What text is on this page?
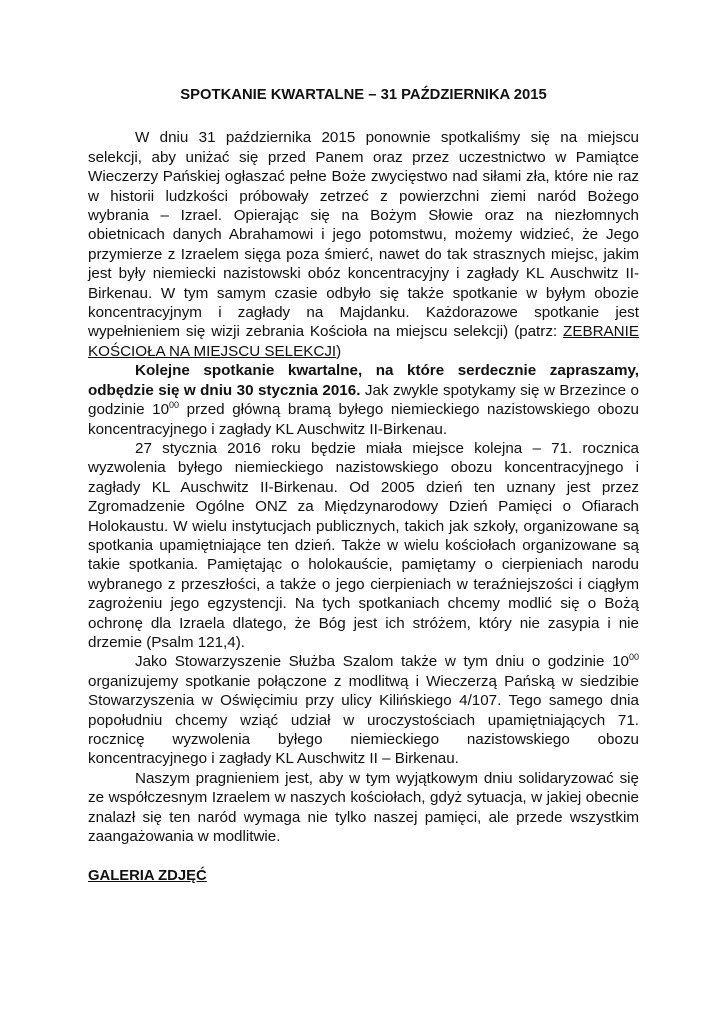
SPOTKANIE KWARTALNE – 31 PAŹDZIERNIKA 2015

W dniu 31 października 2015 ponownie spotkaliśmy się na miejscu selekcji, aby uniżać się przed Panem oraz przez uczestnictwo w Pamiątce Wieczerzy Pańskiej ogłaszać pełne Boże zwycięstwo nad siłami zła, które nie raz w historii ludzkości próbowały zetrzeć z powierzchni ziemi naród Bożego wybrania – Izrael. Opierając się na Bożym Słowie oraz na niezłomnych obietnicach danych Abrahamowi i jego potomstwu, możemy widzieć, że Jego przymierze z Izraelem sięga poza śmierć, nawet do tak strasznych miejsc, jakim jest były niemiecki nazistowski obóz koncentracyjny i zagłady KL Auschwitz II-Birkenau. W tym samym czasie odbyło się także spotkanie w byłym obozie koncentracyjnym i zagłady na Majdanku. Każdorazowe spotkanie jest wypełnieniem się wizji zebrania Kościoła na miejscu selekcji) (patrz: ZEBRANIE KOŚCIOŁA NA MIEJSCU SELEKCJI)

Kolejne spotkanie kwartalne, na które serdecznie zapraszamy, odbędzie się w dniu 30 stycznia 2016. Jak zwykle spotykamy się w Brzezince o godzinie $10^{00}$ przed główną bramą byłego niemieckiego nazistowskiego obozu koncentracyjnego i zagłady KL Auschwitz II-Birkenau.

27 stycznia 2016 roku będzie miała miejsce kolejna – 71. rocznica wyzwolenia byłego niemieckiego nazistowskiego obozu koncentracyjnego i zagłady KL Auschwitz II-Birkenau. Od 2005 dzień ten uznany jest przez Zgromadzenie Ogólne ONZ za Międzynarodowy Dzień Pamięci o Ofiarach Holokaustu. W wielu instytucjach publicznych, takich jak szkoły, organizowane są spotkania upamiętniające ten dzień. Także w wielu kościołach organizowane są takie spotkania. Pamiętając o holokauście, pamiętamy o cierpieniach narodu wybranego z przeszłości, a także o jego cierpieniach w teraźniejszości i ciągłym zagrożeniu jego egzystencji. Na tych spotkaniach chcemy modlić się o Bożą ochronę dla Izraela dlatego, że Bóg jest ich stróżem, który nie zasypia i nie drzemie (Psalm 121,4).

Jako Stowarzyszenie Służba Szalom także w tym dniu o godzinie $10^{00}$ organizujemy spotkanie połączone z modlitwą i Wieczerzą Pańską w siedzibie Stowarzyszenia w Oświęcimiu przy ulicy Kilińskiego 4/107. Tego samego dnia popołudniu chcemy wziąć udział w uroczystościach upamiętniających 71. rocznicę wyzwolenia byłego niemieckiego nazistowskiego obozu koncentracyjnego i zagłady KL Auschwitz II – Birkenau.

Naszym pragnieniem jest, aby w tym wyjątkowym dniu solidaryzować się ze współczesnym Izraelem w naszych kościołach, gdyż sytuacja, w jakiej obecnie znalazł się ten naród wymaga nie tylko naszej pamięci, ale przede wszystkim zaangażowania w modlitwie.

GALERIA ZDJĘĆ
